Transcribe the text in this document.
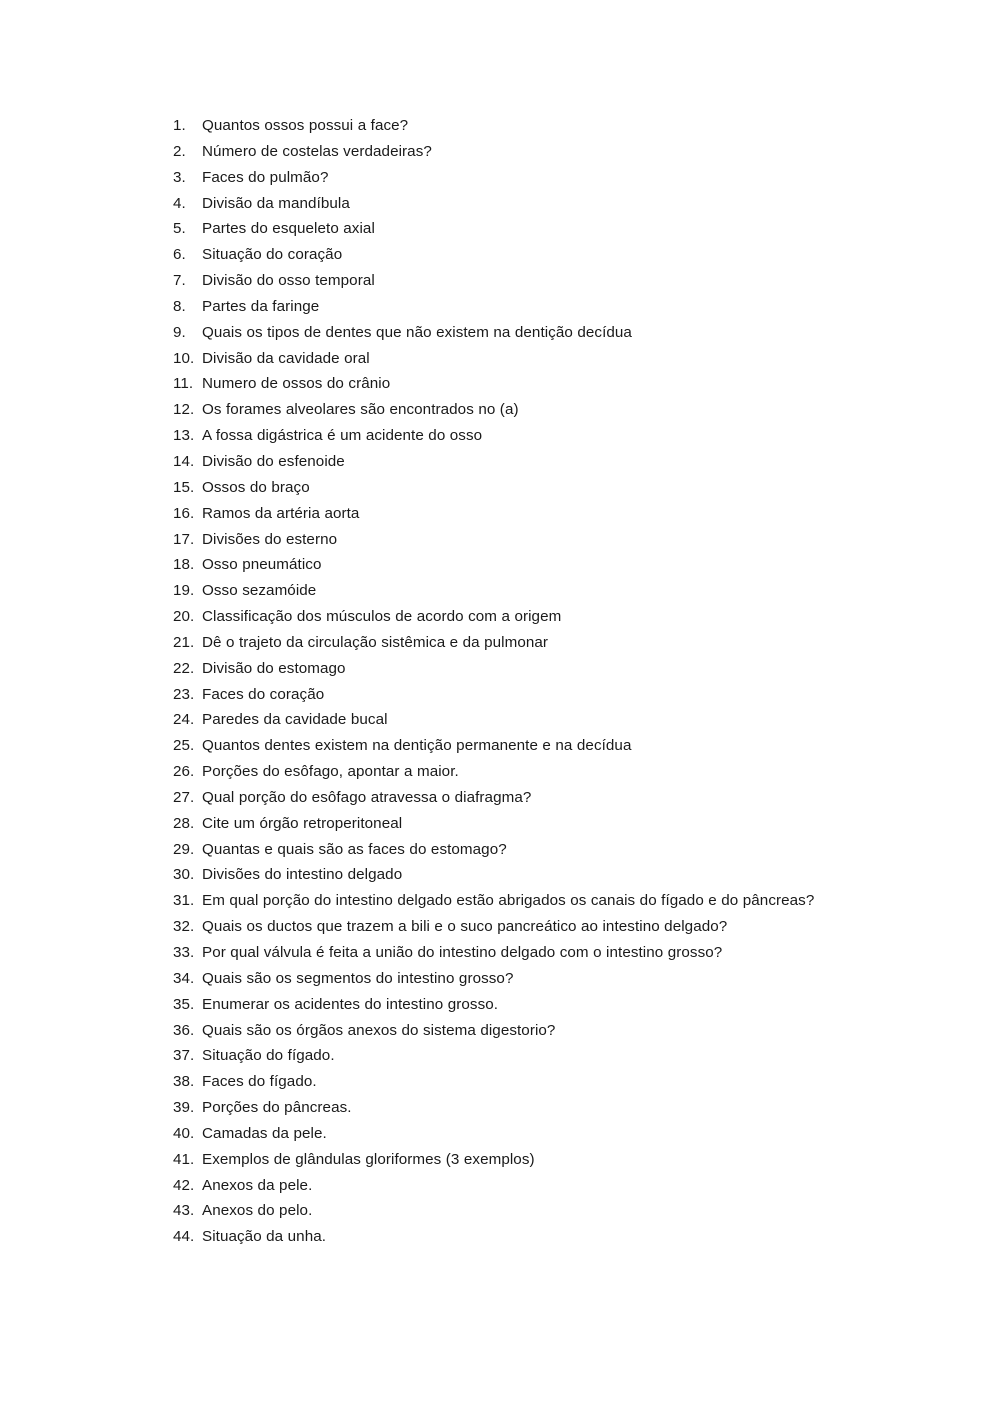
Quantos ossos possui a face?
Número de costelas verdadeiras?
Faces do pulmão?
Divisão da mandíbula
Partes do esqueleto axial
Situação do coração
Divisão do osso temporal
Partes da faringe
Quais os tipos de dentes que não existem na dentição decídua
Divisão da cavidade oral
Numero de ossos do crânio
Os forames alveolares são encontrados no (a)
A fossa digástrica é um acidente do osso
Divisão do esfenoide
Ossos do braço
Ramos da artéria aorta
Divisões do esterno
Osso pneumático
Osso sezamóide
Classificação dos músculos de acordo com a origem
Dê o trajeto da circulação sistêmica e da pulmonar
Divisão do estomago
Faces do coração
Paredes da cavidade bucal
Quantos dentes existem na dentição permanente e na decídua
Porções do esôfago, apontar a maior.
Qual porção do esôfago atravessa o diafragma?
Cite um órgão retroperitoneal
Quantas e quais são as faces do estomago?
Divisões do intestino delgado
Em qual porção do intestino delgado estão abrigados os canais do fígado e do pâncreas?
Quais os ductos que trazem a bili e o suco pancreático ao intestino delgado?
Por qual válvula é feita a união do intestino delgado com o intestino grosso?
Quais são os segmentos do intestino grosso?
Enumerar os acidentes do intestino grosso.
Quais são os órgãos anexos do sistema digestorio?
Situação do fígado.
Faces do fígado.
Porções do pâncreas.
Camadas da pele.
Exemplos de glândulas gloriformes (3 exemplos)
Anexos da pele.
Anexos do pelo.
Situação da unha.
